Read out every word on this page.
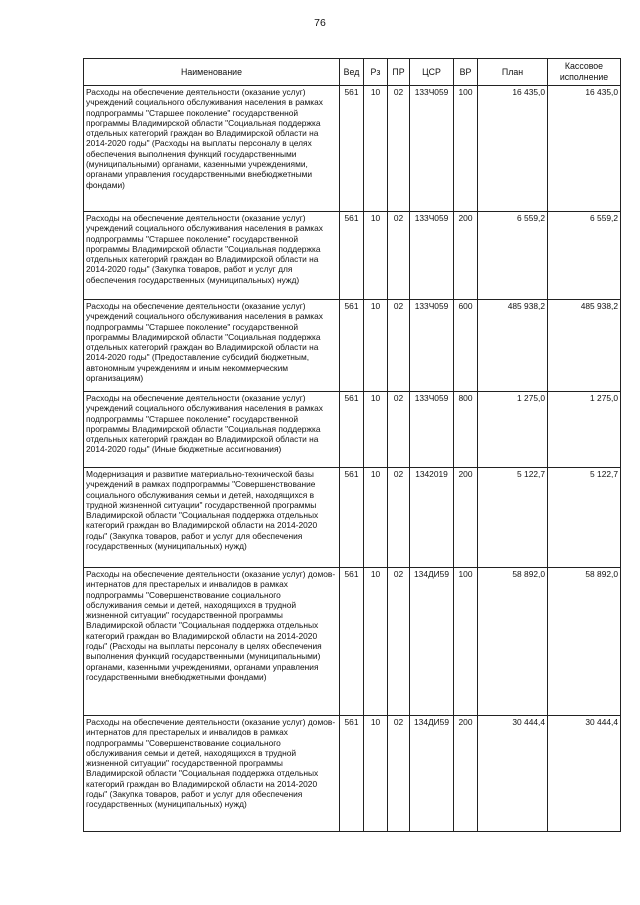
76
Наименование	Вед	Рз	ПР	ЦСР	ВР	План	Кассовое
исполнение
Расходы на обеспечение деятельности (оказание услуг) учреждений социального обслуживания населения в рамках подпрограммы "Старшее поколение" государственной программы Владимирской области "Социальная поддержка отдельных категорий граждан во Владимирской области на 2014-2020 годы" (Расходы на выплаты персоналу в целях обеспечения выполнения функций государственными (муниципальными) органами, казенными учреждениями, органами управления государственными внебюджетными фондами)	561	10	02	133Ч059	100	16 435,0	16 435,0
Расходы на обеспечение деятельности (оказание услуг) учреждений социального обслуживания населения в рамках подпрограммы "Старшее поколение" государственной программы Владимирской области "Социальная поддержка отдельных категорий граждан во Владимирской области на 2014-2020 годы" (Закупка товаров, работ и услуг для обеспечения государственных (муниципальных) нужд)	561	10	02	133Ч059	200	6 559,2	6 559,2
Расходы на обеспечение деятельности (оказание услуг) учреждений социального обслуживания населения в рамках подпрограммы "Старшее поколение" государственной программы Владимирской области "Социальная поддержка отдельных категорий граждан во Владимирской области на 2014-2020 годы" (Предоставление субсидий бюджетным, автономным учреждениям и иным некоммерческим организациям)	561	10	02	133Ч059	600	485 938,2	485 938,2
Расходы на обеспечение деятельности (оказание услуг) учреждений социального обслуживания населения в рамках подпрограммы "Старшее поколение" государственной программы Владимирской области "Социальная поддержка отдельных категорий граждан во Владимирской области на 2014-2020 годы" (Иные бюджетные ассигнования)	561	10	02	133Ч059	800	1 275,0	1 275,0
Модернизация и развитие материально-технической базы учреждений в рамках подпрограммы "Совершенствование социального обслуживания семьи и детей, находящихся в трудной жизненной ситуации" государственной программы Владимирской области "Социальная поддержка отдельных категорий граждан во Владимирской области на 2014-2020 годы" (Закупка товаров, работ и услуг для обеспечения государственных (муниципальных) нужд)	561	10	02	1342019	200	5 122,7	5 122,7
Расходы на обеспечение деятельности (оказание услуг) домов-интернатов для престарелых и инвалидов в рамках подпрограммы "Совершенствование социального обслуживания семьи и детей, находящихся в трудной жизненной ситуации" государственной программы Владимирской области "Социальная поддержка отдельных категорий граждан во Владимирской области на 2014-2020 годы" (Расходы на выплаты персоналу в целях обеспечения выполнения функций государственными (муниципальными) органами, казенными учреждениями, органами управления государственными внебюджетными фондами)	561	10	02	134ДИ59	100	58 892,0	58 892,0
Расходы на обеспечение деятельности (оказание услуг) домов-интернатов для престарелых и инвалидов в рамках подпрограммы "Совершенствование социального обслуживания семьи и детей, находящихся в трудной жизненной ситуации" государственной программы Владимирской области "Социальная поддержка отдельных категорий граждан во Владимирской области на 2014-2020 годы" (Закупка товаров, работ и услуг для обеспечения государственных (муниципальных) нужд)	561	10	02	134ДИ59	200	30 444,4	30 444,4
